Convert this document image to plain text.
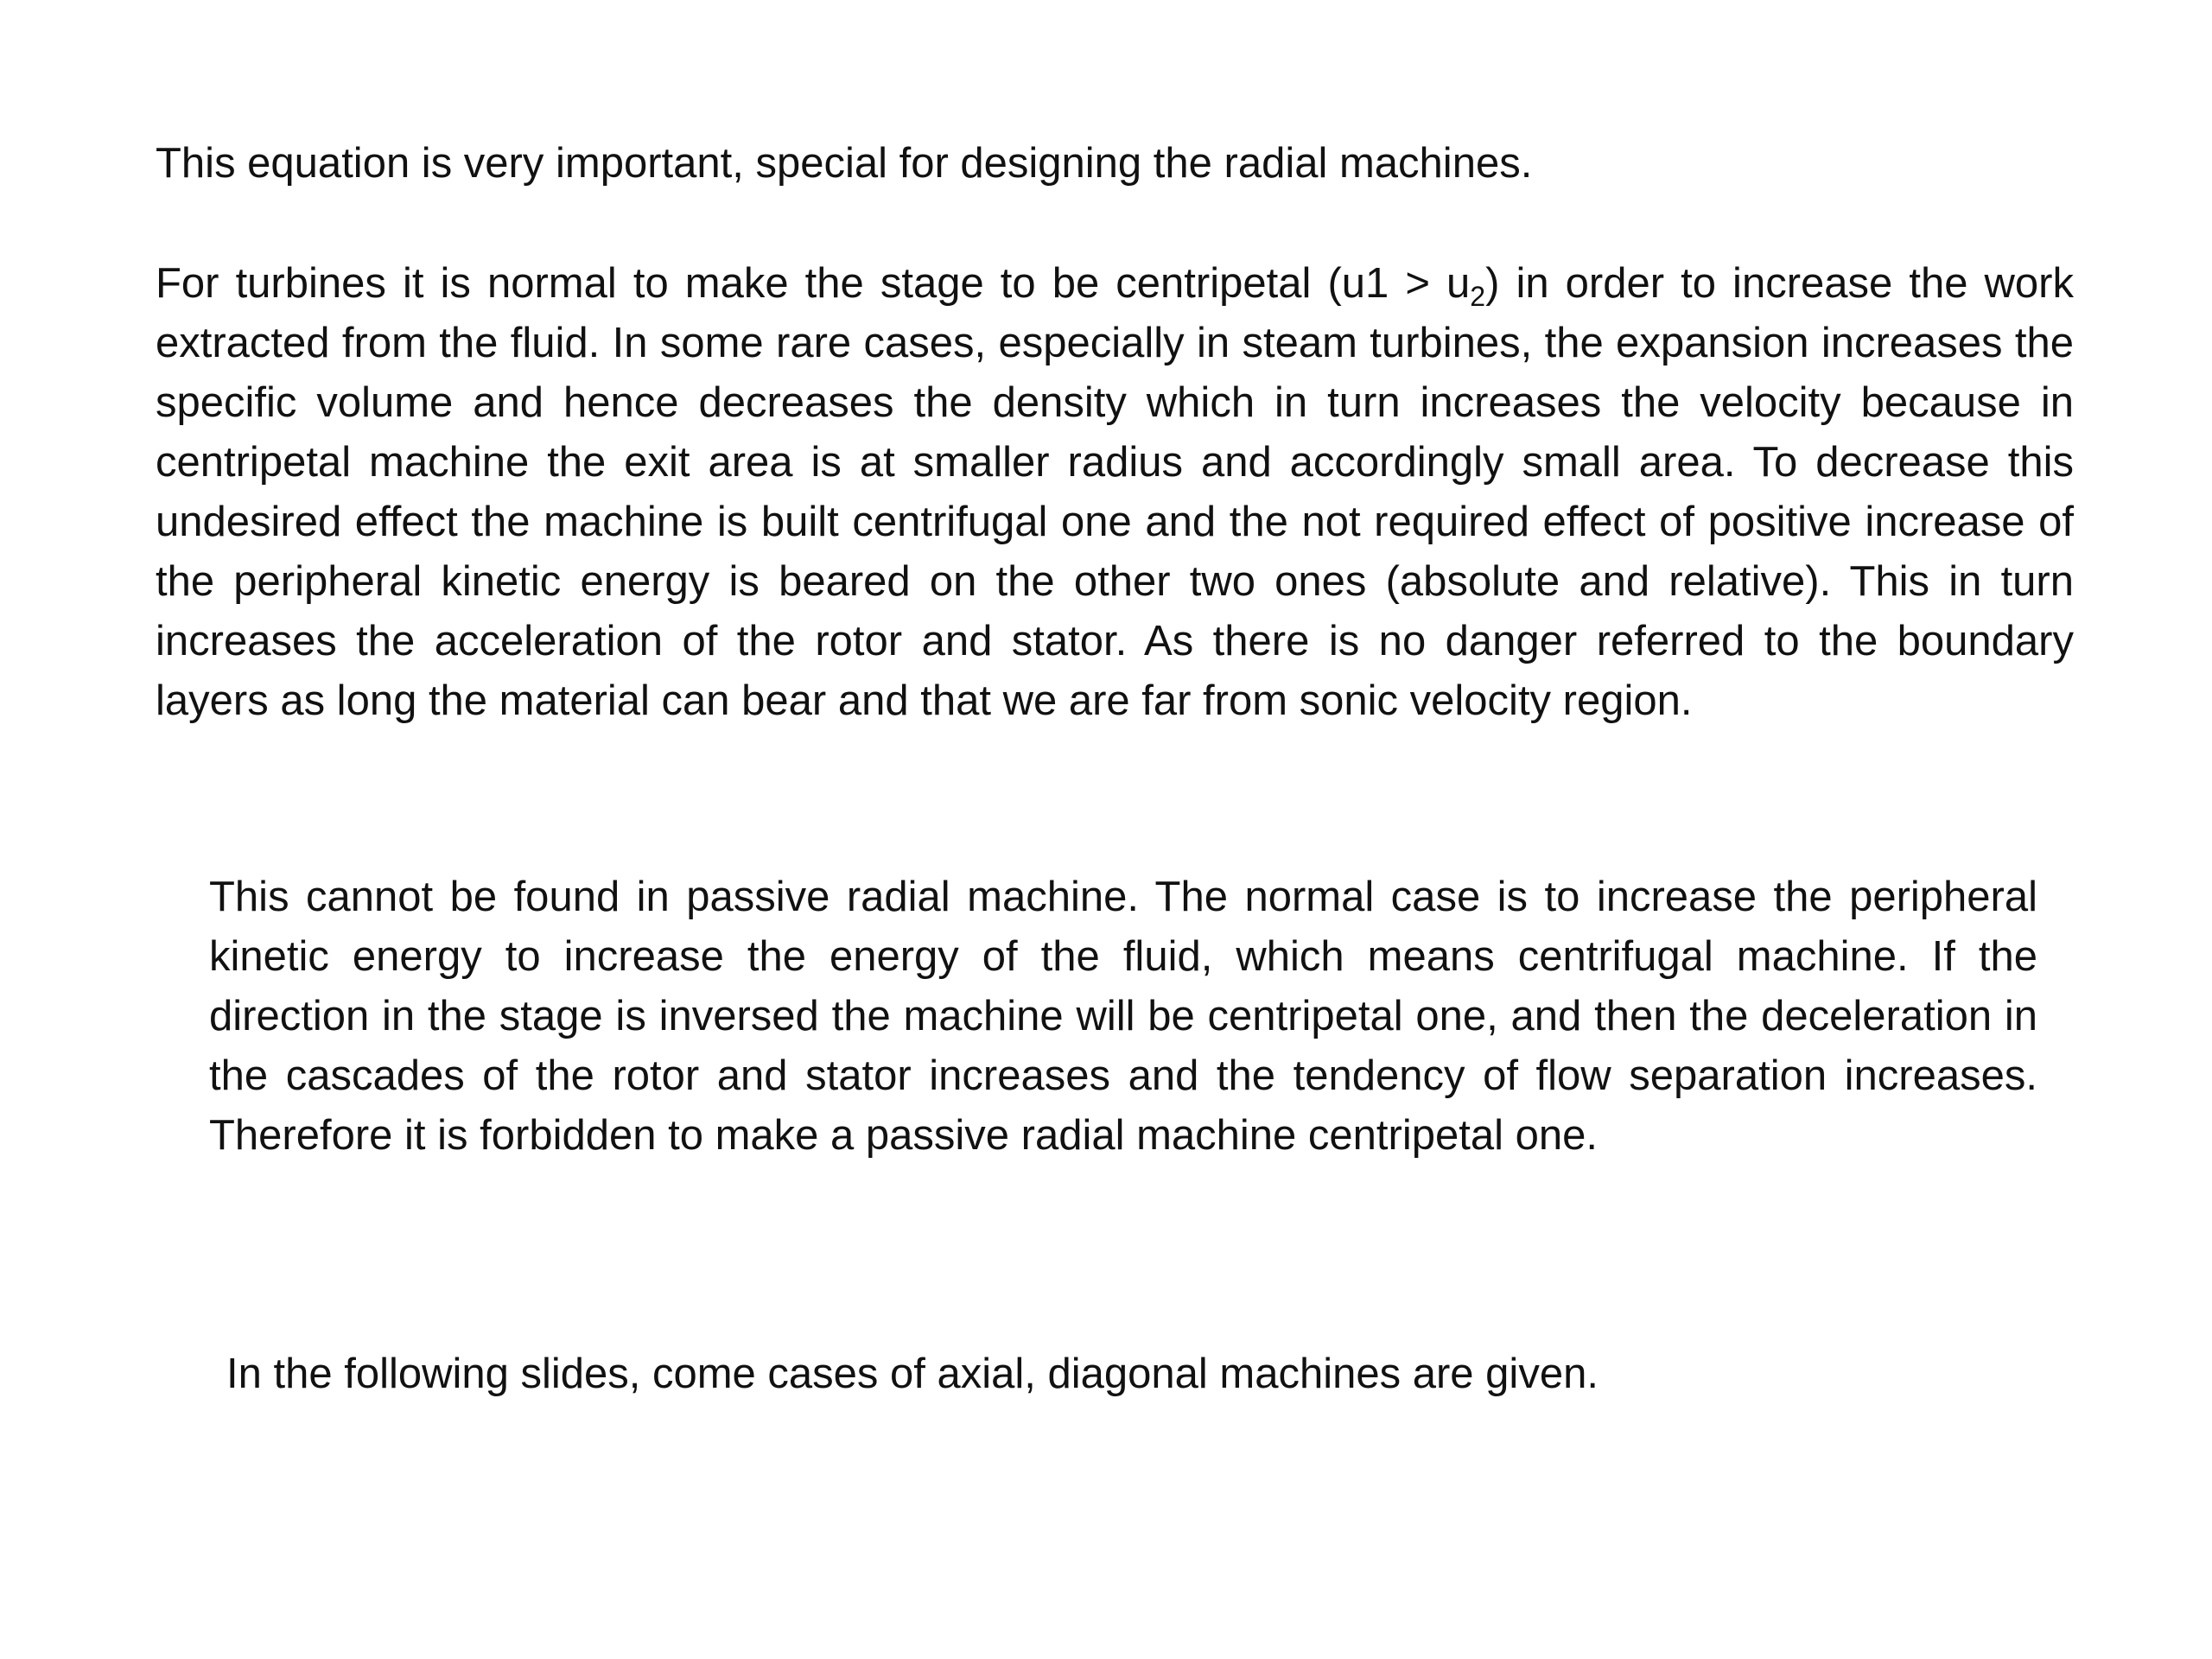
This equation is very important, special for designing the radial machines.

For turbines it is normal to make the stage to be centripetal $(u1 > u_2)$ in order to increase the work extracted from the fluid. In some rare cases, especially in steam turbines, the expansion increases the specific volume and hence decreases the density which in turn increases the velocity because in centripetal machine the exit area is at smaller radius and accordingly small area. To decrease this undesired effect the machine is built centrifugal one and the not required effect of positive increase of the peripheral kinetic energy is beared on the other two ones (absolute and relative). This in turn increases the acceleration of the rotor and stator. As there is no danger referred to the boundary layers as long the material can bear and that we are far from sonic velocity region.

This cannot be found in passive radial machine. The normal case is to increase the peripheral kinetic energy to increase the energy of the fluid, which means centrifugal machine. If the direction in the stage is inversed the machine will be centripetal one, and then the deceleration in the cascades of the rotor and stator increases and the tendency of flow separation increases. Therefore it is forbidden to make a passive radial machine centripetal one.

In the following slides, come cases of axial, diagonal machines are given.
